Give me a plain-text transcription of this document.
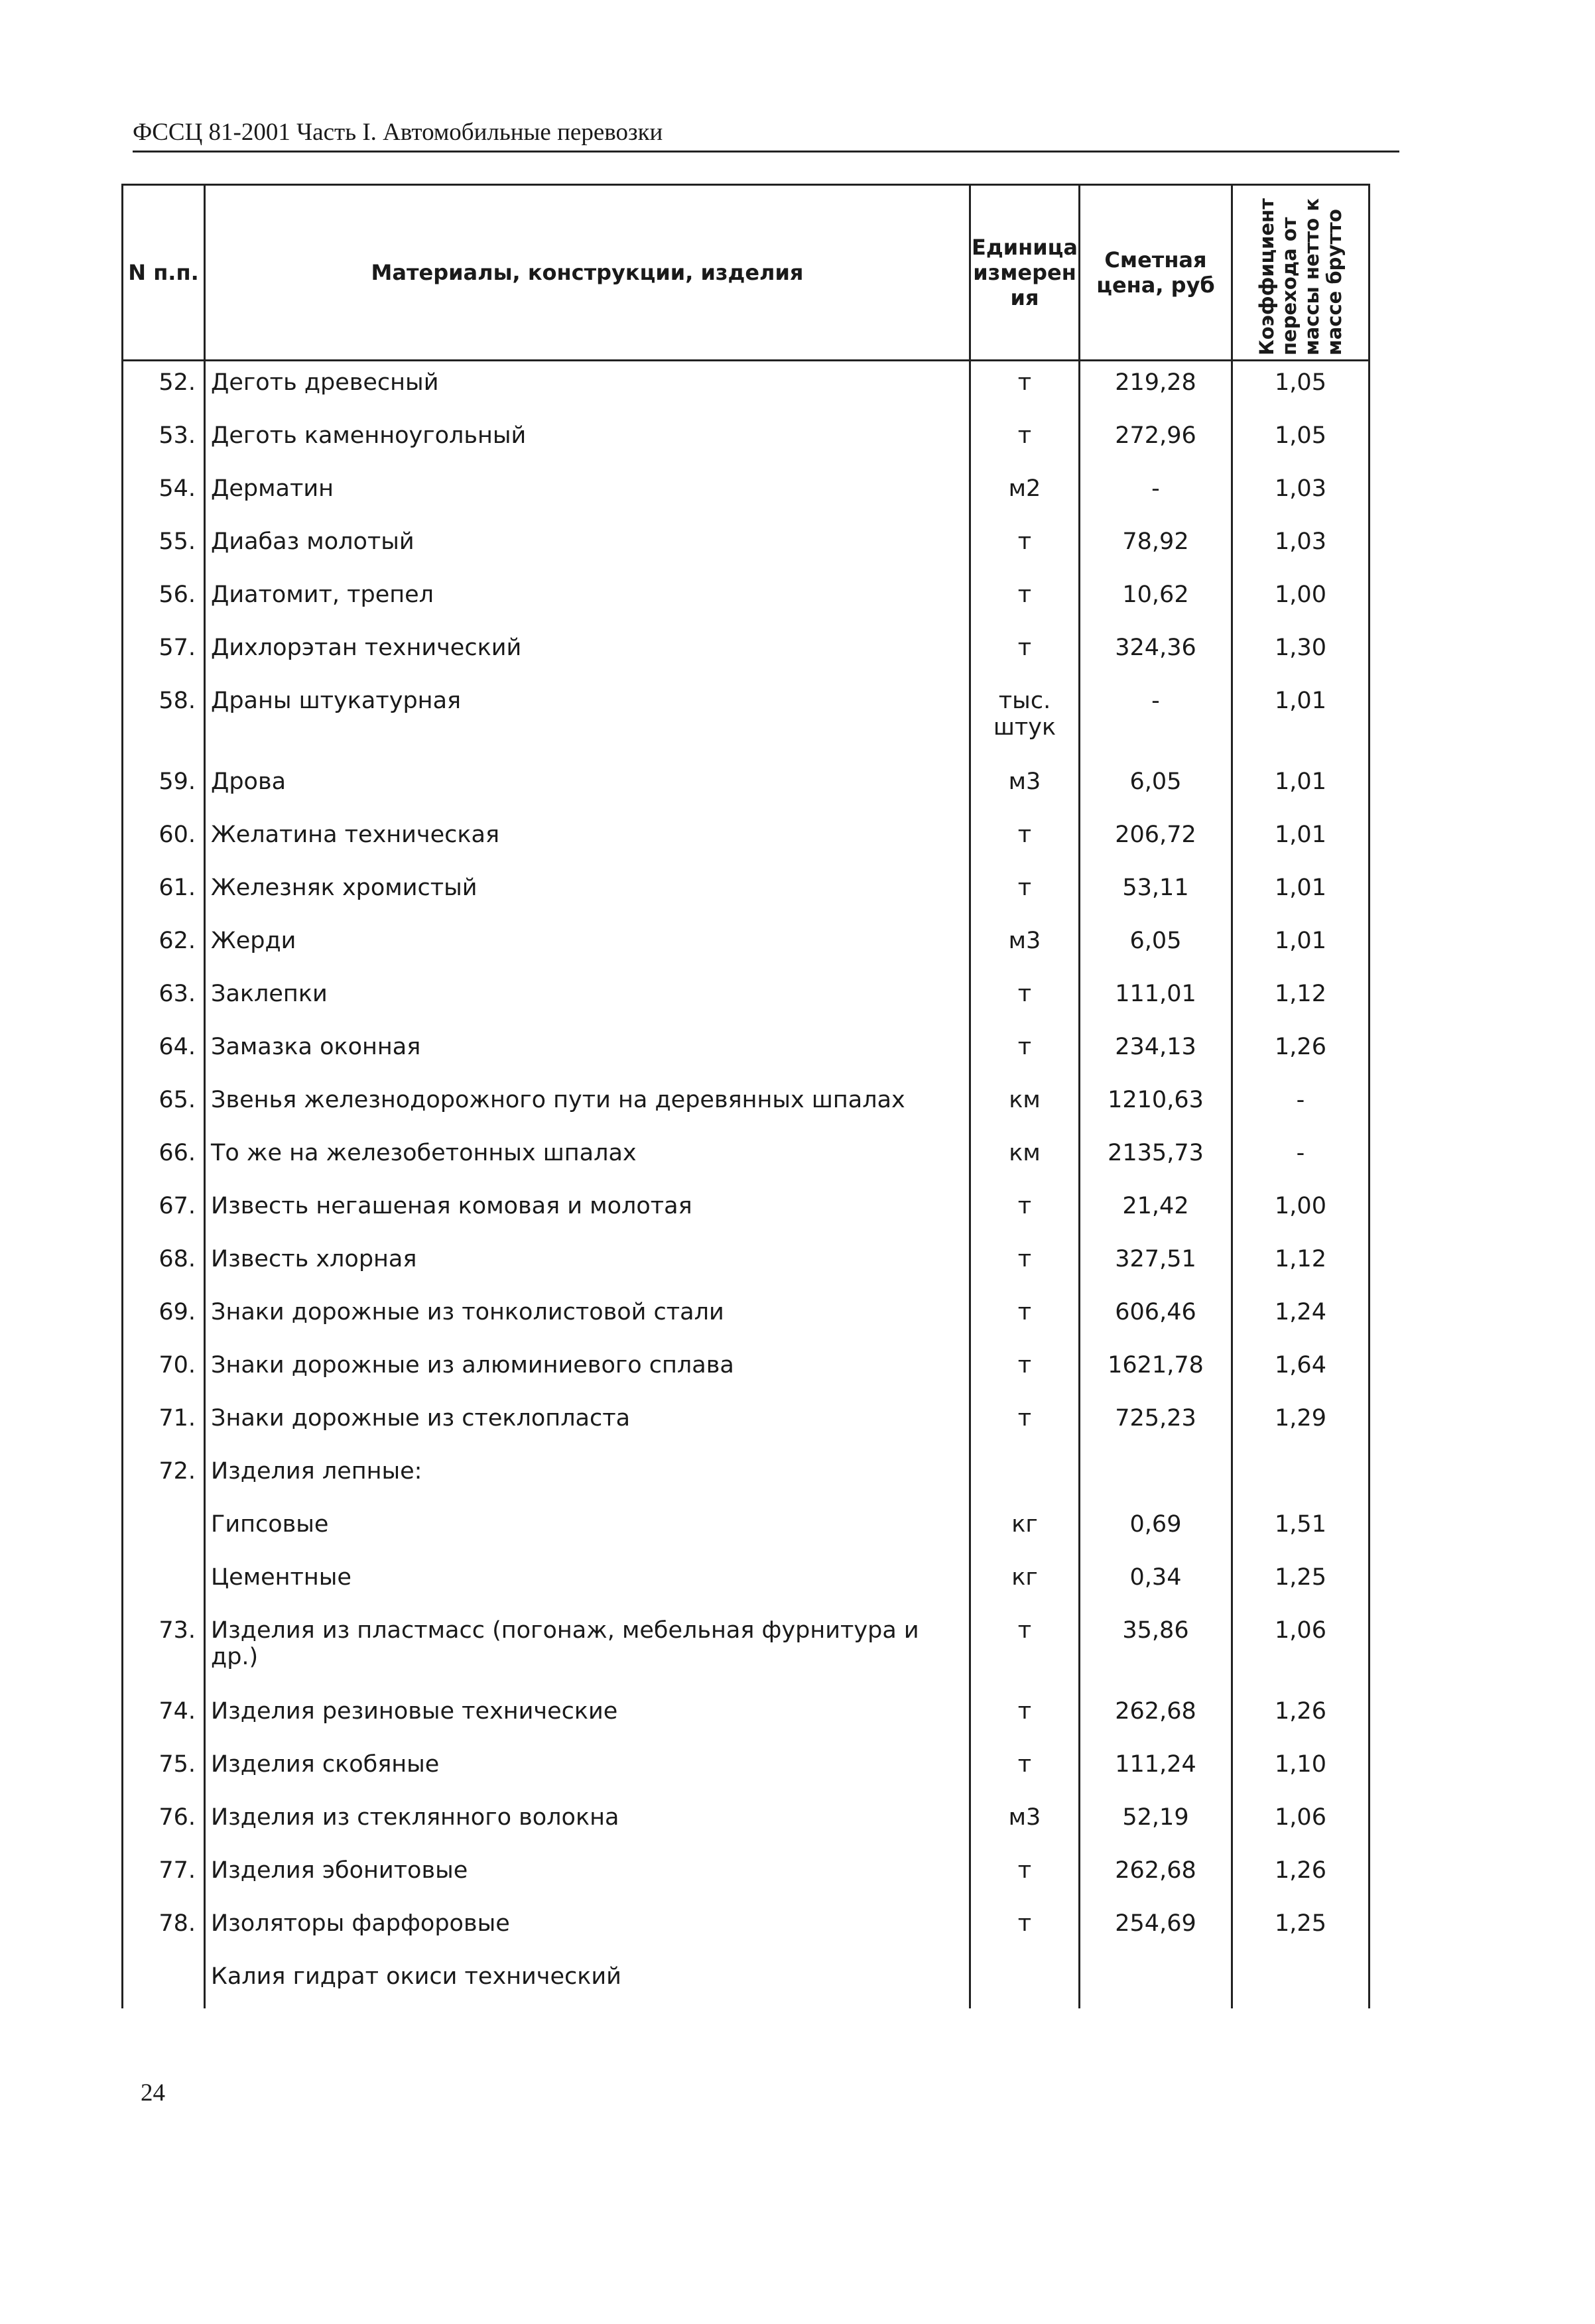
ФССЦ 81-2001 Часть I. Автомобильные перевозки
N п.п.	Материалы, конструкции, изделия	Единица измерен ия	Сметная цена, руб	Коэффициент перехода от массы нетто к массе брутто

52.	Деготь древесный	т	219,28	1,05
53.	Деготь каменноугольный	т	272,96	1,05
54.	Дерматин	м2	-	1,03
55.	Диабаз молотый	т	78,92	1,03
56.	Диатомит, трепел	т	10,62	1,00
57.	Дихлорэтан технический	т	324,36	1,30
58.	Драны штукатурная	тыс. штук	-	1,01
59.	Дрова	м3	6,05	1,01
60.	Желатина техническая	т	206,72	1,01
61.	Железняк хромистый	т	53,11	1,01
62.	Жерди	м3	6,05	1,01
63.	Заклепки	т	111,01	1,12
64.	Замазка оконная	т	234,13	1,26
65.	Звенья железнодорожного пути на деревянных шпалах	км	1210,63	-
66.	То же на железобетонных шпалах	км	2135,73	-
67.	Известь негашеная комовая и молотая	т	21,42	1,00
68.	Известь хлорная	т	327,51	1,12
69.	Знаки дорожные из тонколистовой стали	т	606,46	1,24
70.	Знаки дорожные из алюминиевого сплава	т	1621,78	1,64
71.	Знаки дорожные из стеклопласта	т	725,23	1,29
72.	Изделия лепные:			
	Гипсовые	кг	0,69	1,51
	Цементные	кг	0,34	1,25
73.	Изделия из пластмасс (погонаж, мебельная фурнитура и др.)	т	35,86	1,06
74.	Изделия резиновые технические	т	262,68	1,26
75.	Изделия скобяные	т	111,24	1,10
76.	Изделия из стеклянного волокна	м3	52,19	1,06
77.	Изделия эбонитовые	т	262,68	1,26
78.	Изоляторы фарфоровые	т	254,69	1,25
	Калия гидрат окиси технический			
24
